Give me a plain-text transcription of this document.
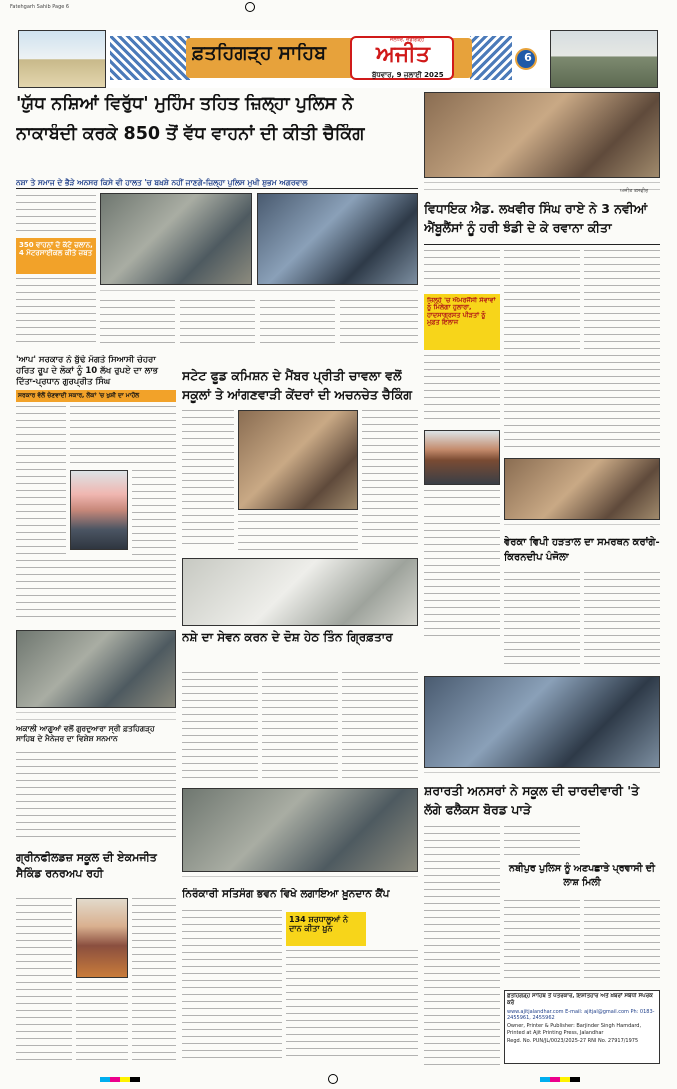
Fatehgarh Sahib Page 6
ਫ਼ਤਹਿਗੜ੍ਹ ਸਾਹਿਬ
ਜਲੰਧਰ, ਚੰਡੀਗੜ੍ਹ
ਅਜੀਤ
ਬੁੱਧਵਾਰ, 9 ਜੁਲਾਈ 2025
6
'ਯੁੱਧ ਨਸ਼ਿਆਂ ਵਿਰੁੱਧ' ਮੁਹਿੰਮ ਤਹਿਤ ਜ਼ਿਲ੍ਹਾ ਪੁਲਿਸ ਨੇ
ਨਾਕਾਬੰਦੀ ਕਰਕੇ 850 ਤੋਂ ਵੱਧ ਵਾਹਨਾਂ ਦੀ ਕੀਤੀ ਚੈਕਿੰਗ
ਨਸ਼ਾ ਤੇ ਸਮਾਜ ਦੇ ਭੈੜੇ ਅਨਸਰ ਕਿਸੇ ਵੀ ਹਾਲਤ 'ਚ ਬਖ਼ਸ਼ੇ ਨਹੀਂ ਜਾਣਗੇ-ਜ਼ਿਲ੍ਹਾ ਪੁਲਿਸ ਮੁਖੀ ਸ਼ੁਭਮ ਅਗਰਵਾਲ
350 ਵਾਹਨਾਂ ਦੇ ਕੱਟੇ ਚਲਾਨ, 4 ਮੋਟਰਸਾਈਕਲ ਕੀਤੇ ਜ਼ਬਤ
ਅਜੀਤ ਤਸਵੀਰ
ਵਿਧਾਇਕ ਐਡ. ਲਖਵੀਰ ਸਿੰਘ ਰਾਏ ਨੇ 3 ਨਵੀਆਂ ਐਂਬੂਲੈਂਸਾਂ ਨੂੰ ਹਰੀ ਝੰਡੀ ਦੇ ਕੇ ਰਵਾਨਾ ਕੀਤਾ
ਜ਼ਿਲ੍ਹੇ 'ਚ ਐਮਰਜੈਂਸੀ ਸੇਵਾਵਾਂ ਨੂੰ ਮਿਲੇਗਾ ਹੁਲਾਰਾ, ਹਾਦਸਾਗ੍ਰਸਤ ਪੀੜਤਾਂ ਨੂੰ ਮੁਫ਼ਤ ਇਲਾਜ
'ਆਪ' ਸਰਕਾਰ ਨੇ ਬੁੱਢੇ ਮੰਗਤੇ ਸਿਆਸੀ ਚੇਹਰਾ ਹਰਿਤ ਰੂਪ ਦੇ ਲੋਕਾਂ ਨੂੰ 10 ਲੱਖ ਰੁਪਏ ਦਾ ਲਾਭ ਦਿੱਤਾ-ਪ੍ਰਧਾਨ ਗੁਰਪ੍ਰੀਤ ਸਿੰਘ
ਸਰਕਾਰ ਵੱਲੋਂ ਚੋਣਵਾਦੀ ਸਕਾਰ, ਲੋਕਾਂ 'ਚ ਖੁਸ਼ੀ ਦਾ ਮਾਹੌਲ
ਸਟੇਟ ਫੂਡ ਕਮਿਸ਼ਨ ਦੇ ਮੈਂਬਰ ਪ੍ਰੀਤੀ ਚਾਵਲਾ ਵਲੋਂ ਸਕੂਲਾਂ ਤੇ ਆਂਗਣਵਾੜੀ ਕੇਂਦਰਾਂ ਦੀ ਅਚਨਚੇਤ ਚੈਕਿੰਗ
ਵੇਰਕਾ ਵਿਪੀ ਹੜਤਾਲ ਦਾ ਸਮਰਥਨ ਕਰਾਂਗੇ-ਕਿਰਨਦੀਪ ਪੰਜੋਲਾ
ਨਸ਼ੇ ਦਾ ਸੇਵਨ ਕਰਨ ਦੇ ਦੋਸ਼ ਹੇਠ ਤਿੰਨ ਗ੍ਰਿਫ਼ਤਾਰ
ਅਕਾਲੀ ਆਗੂਆਂ ਵਲੋਂ ਗੁਰਦੁਆਰਾ ਸ੍ਰੀ ਫ਼ਤਹਿਗੜ੍ਹ ਸਾਹਿਬ ਦੇ ਮੈਨੇਜਰ ਦਾ ਵਿਸ਼ੇਸ਼ ਸਨਮਾਨ
ਸ਼ਰਾਰਤੀ ਅਨਸਰਾਂ ਨੇ ਸਕੂਲ ਦੀ ਚਾਰਦੀਵਾਰੀ 'ਤੇ ਲੱਗੇ ਫਲੈਕਸ ਬੋਰਡ ਪਾੜੇ
ਨਿਰੰਕਾਰੀ ਸਤਿਸੰਗ ਭਵਨ ਵਿਖੇ ਲਗਾਇਆ ਖ਼ੂਨਦਾਨ ਕੈਂਪ
134 ਸ਼ਰਧਾਲੂਆਂ ਨੇ ਦਾਨ ਕੀਤਾ ਖ਼ੂਨ
ਗ੍ਰੀਨਫੀਲਡਜ਼ ਸਕੂਲ ਦੀ ਏਕਮਜੀਤ ਸੈਕਿੰਡ ਰਨਰਅਪ ਰਹੀ	ਨਬੀਪੁਰ ਪੁਲਿਸ ਨੂੰ ਅਣਪਛਾਤੇ ਪ੍ਰਵਾਸੀ ਦੀ ਲਾਸ਼ ਮਿਲੀ
ਫ਼ਤਹਿਗੜ੍ਹ ਸਾਹਿਬ ਤੋਂ ਪੱਤਰਕਾਰ, ਇਸ਼ਤਿਹਾਰ ਅਤੇ ਖ਼ਬਰਾਂ ਸਬੰਧੀ ਸੰਪਰਕ ਕਰੋ
www.ajitjalandhar.com E-mail: ajitjal@gmail.com Ph: 0183-2455961, 2455962
Owner, Printer & Publisher: Barjinder Singh Hamdard, Printed at Ajit Printing Press, Jalandhar
Regd. No. PUN/JL/0023/2025-27 RNI No. 27917/1975
